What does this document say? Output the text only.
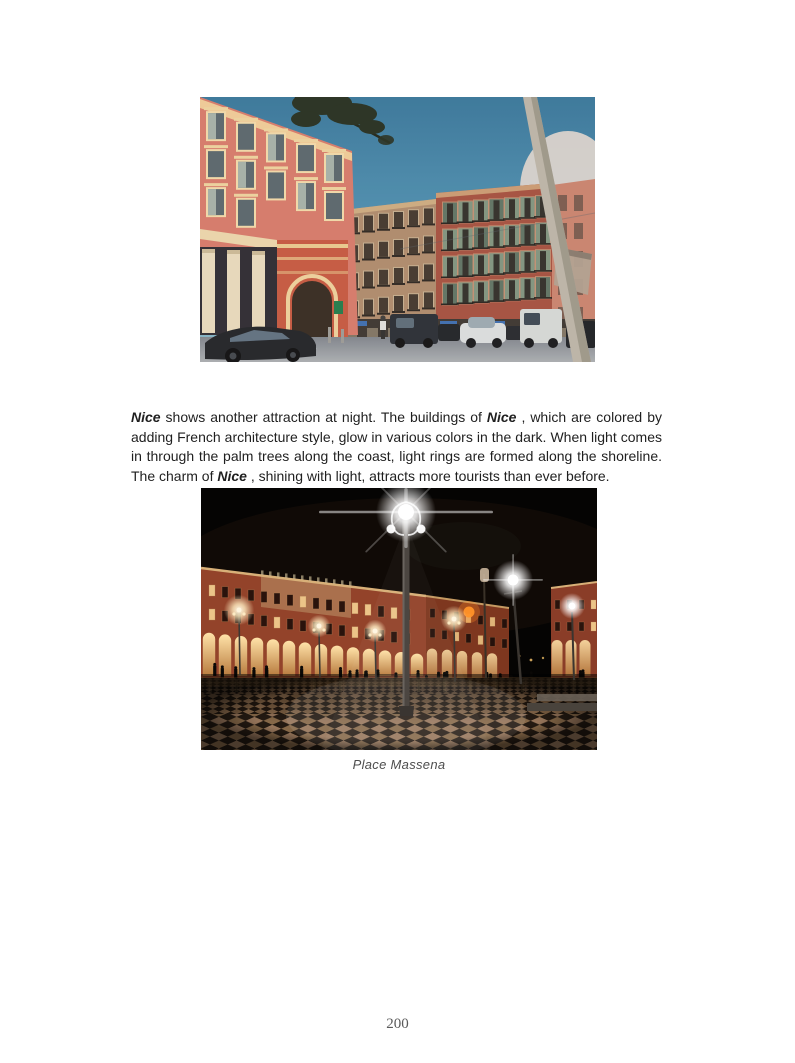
Nice shows another attraction at night. The buildings of Nice , which are colored by
adding French architecture style, glow in various colors in the dark. When light comes
in through the palm trees along the coast, light rings are formed along the shoreline.
The charm of Nice , shining with light, attracts more tourists than ever before.

Place Massena
200
